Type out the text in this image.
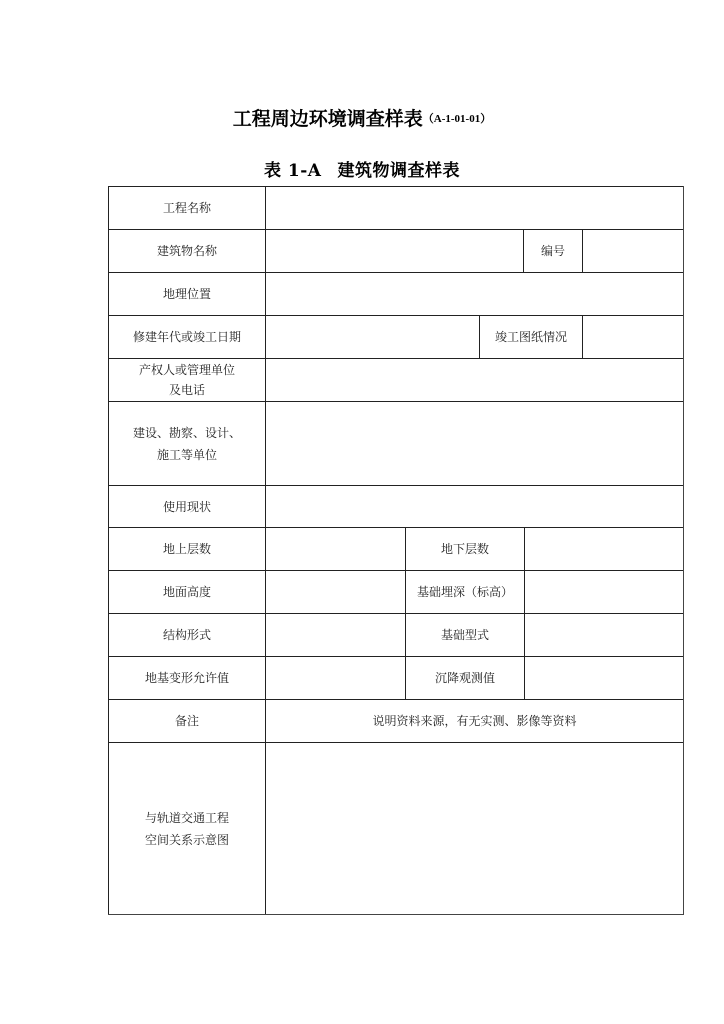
工程周边环境调查样表（A-1-01-01）
表 1-A 建筑物调查样表
工程名称
建筑物名称	编号
地理位置
修建年代或竣工日期	竣工图纸情况
产权人或管理单位
及电话
建设、勘察、设计、
施工等单位
使用现状
地上层数	地下层数
地面高度	基础埋深（标高）
结构形式	基础型式
地基变形允许值	沉降观测值
备注	说明资料来源，有无实测、影像等资料
与轨道交通工程
空间关系示意图
